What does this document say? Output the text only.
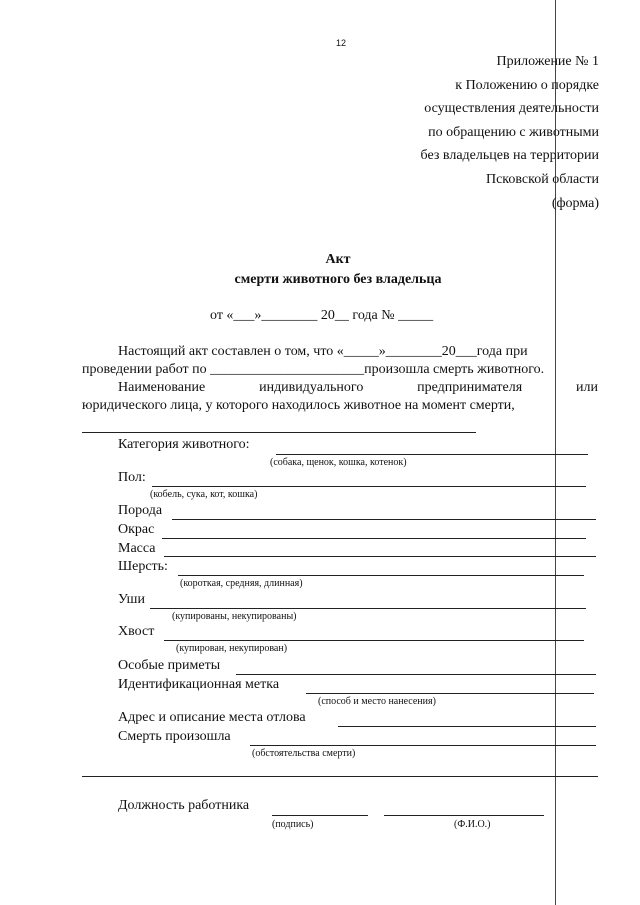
12
Приложение № 1
к Положению о порядке
осуществления деятельности
по обращению с животными
без владельцев на территории
Псковской области
(форма)
Акт
смерти животного без владельца
от «___»________ 20__ года № _____
Настоящий акт составлен о том, что «_____»________20___года при
проведении работ по ______________________произошла смерть животного.
Наименование	индивидуального	предпринимателя	или
юридического лица, у которого находилось животное на момент смерти,
Категория животного:
(собака, щенок, кошка, котенок)
Пол:
(кобель, сука, кот, кошка)
Порода
Окрас
Масса
Шерсть:
(короткая, средняя, длинная)
Уши
(купированы, некупированы)
Хвост
(купирован, некупирован)
Особые приметы
Идентификационная метка
(способ и место нанесения)
Адрес и описание места отлова
Смерть произошла
(обстоятельства смерти)
Должность работника
(подпись)	(Ф.И.О.)
